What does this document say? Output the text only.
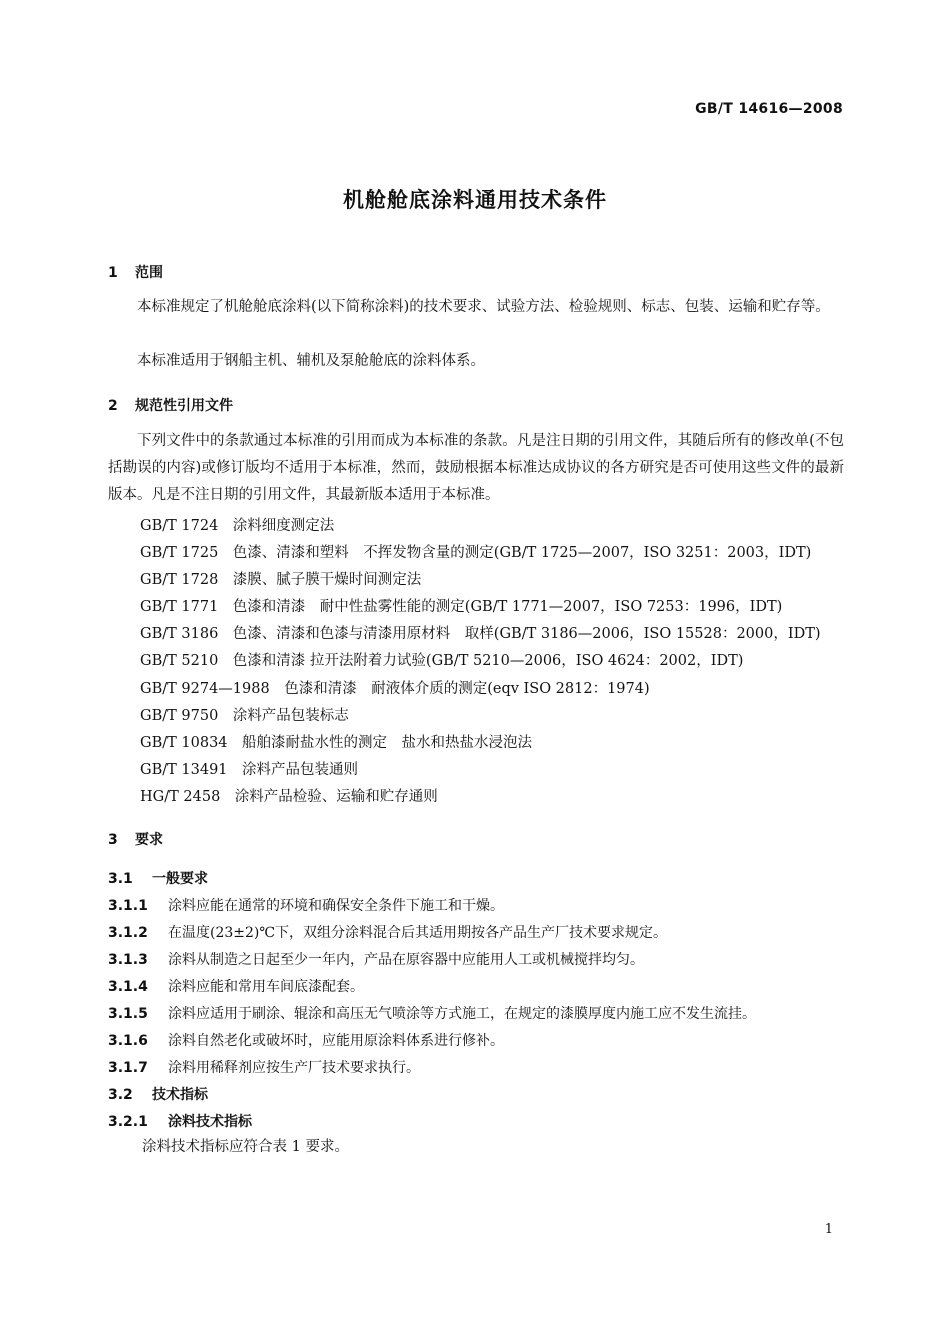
GB/T 14616—2008
机舱舱底涂料通用技术条件
1 范围
本标准规定了机舱舱底涂料(以下简称涂料)的技术要求、试验方法、检验规则、标志、包装、运输和贮存等。
本标准适用于钢船主机、辅机及泵舱舱底的涂料体系。
2 规范性引用文件
下列文件中的条款通过本标准的引用而成为本标准的条款。凡是注日期的引用文件，其随后所有的修改单(不包括勘误的内容)或修订版均不适用于本标准，然而，鼓励根据本标准达成协议的各方研究是否可使用这些文件的最新版本。凡是不注日期的引用文件，其最新版本适用于本标准。
GB/T 1724　涂料细度测定法
GB/T 1725　色漆、清漆和塑料　不挥发物含量的测定(GB/T 1725—2007，ISO 3251：2003，IDT)
GB/T 1728　漆膜、腻子膜干燥时间测定法
GB/T 1771　色漆和清漆　耐中性盐雾性能的测定(GB/T 1771—2007，ISO 7253：1996，IDT)
GB/T 3186　色漆、清漆和色漆与清漆用原材料　取样(GB/T 3186—2006，ISO 15528：2000，IDT)
GB/T 5210　色漆和清漆 拉开法附着力试验(GB/T 5210—2006，ISO 4624：2002，IDT)
GB/T 9274—1988　色漆和清漆　耐液体介质的测定(eqv ISO 2812：1974)
GB/T 9750　涂料产品包装标志
GB/T 10834　船舶漆耐盐水性的测定　盐水和热盐水浸泡法
GB/T 13491　涂料产品包装通则
HG/T 2458　涂料产品检验、运输和贮存通则
3 要求
3.1 一般要求
3.1.1 涂料应能在通常的环境和确保安全条件下施工和干燥。
3.1.2 在温度(23±2)℃下，双组分涂料混合后其适用期按各产品生产厂技术要求规定。
3.1.3 涂料从制造之日起至少一年内，产品在原容器中应能用人工或机械搅拌均匀。
3.1.4 涂料应能和常用车间底漆配套。
3.1.5 涂料应适用于刷涂、辊涂和高压无气喷涂等方式施工，在规定的漆膜厚度内施工应不发生流挂。
3.1.6 涂料自然老化或破坏时，应能用原涂料体系进行修补。
3.1.7 涂料用稀释剂应按生产厂技术要求执行。
3.2 技术指标
3.2.1 涂料技术指标
涂料技术指标应符合表 1 要求。
1
